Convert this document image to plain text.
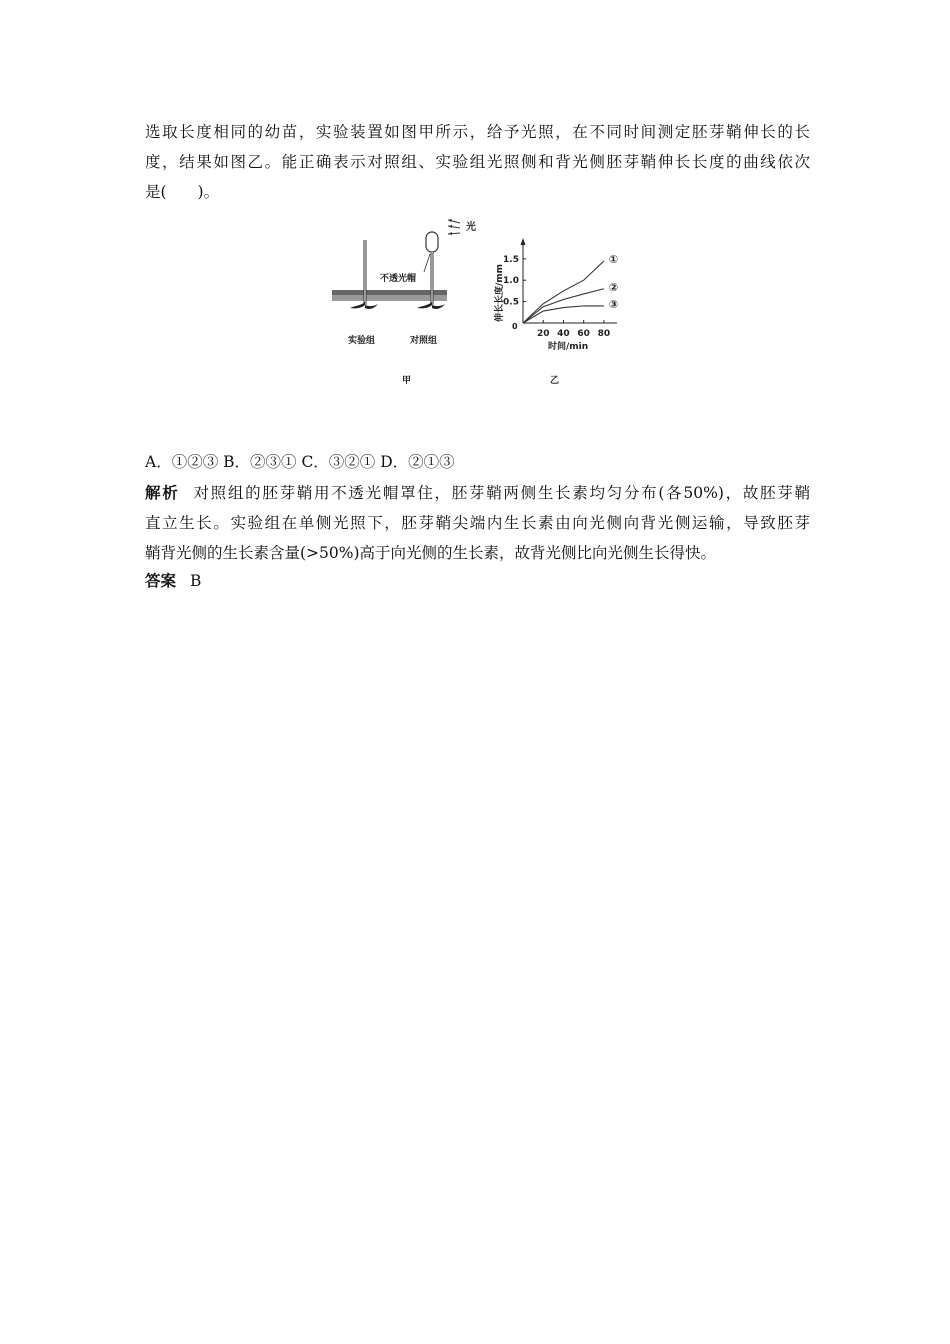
选取长度相同的幼苗，实验装置如图甲所示，给予光照，在不同时间测定胚芽鞘伸长的长
度，结果如图乙。能正确表示对照组、实验组光照侧和背光侧胚芽鞘伸长长度的曲线依次
是(　　)。
光
不透光帽
实验组	对照组
甲	乙
伸长长度/mm
时间/min
0
20 40 60 80
0.5
1.0
1.5	①
②
③
A．①②③ B．②③① C．③②① D．②①③
解析 对照组的胚芽鞘用不透光帽罩住，胚芽鞘两侧生长素均匀分布(各50%)，故胚芽鞘
直立生长。实验组在单侧光照下，胚芽鞘尖端内生长素由向光侧向背光侧运输，导致胚芽
鞘背光侧的生长素含量(>50%)高于向光侧的生长素，故背光侧比向光侧生长得快。
答案 B
